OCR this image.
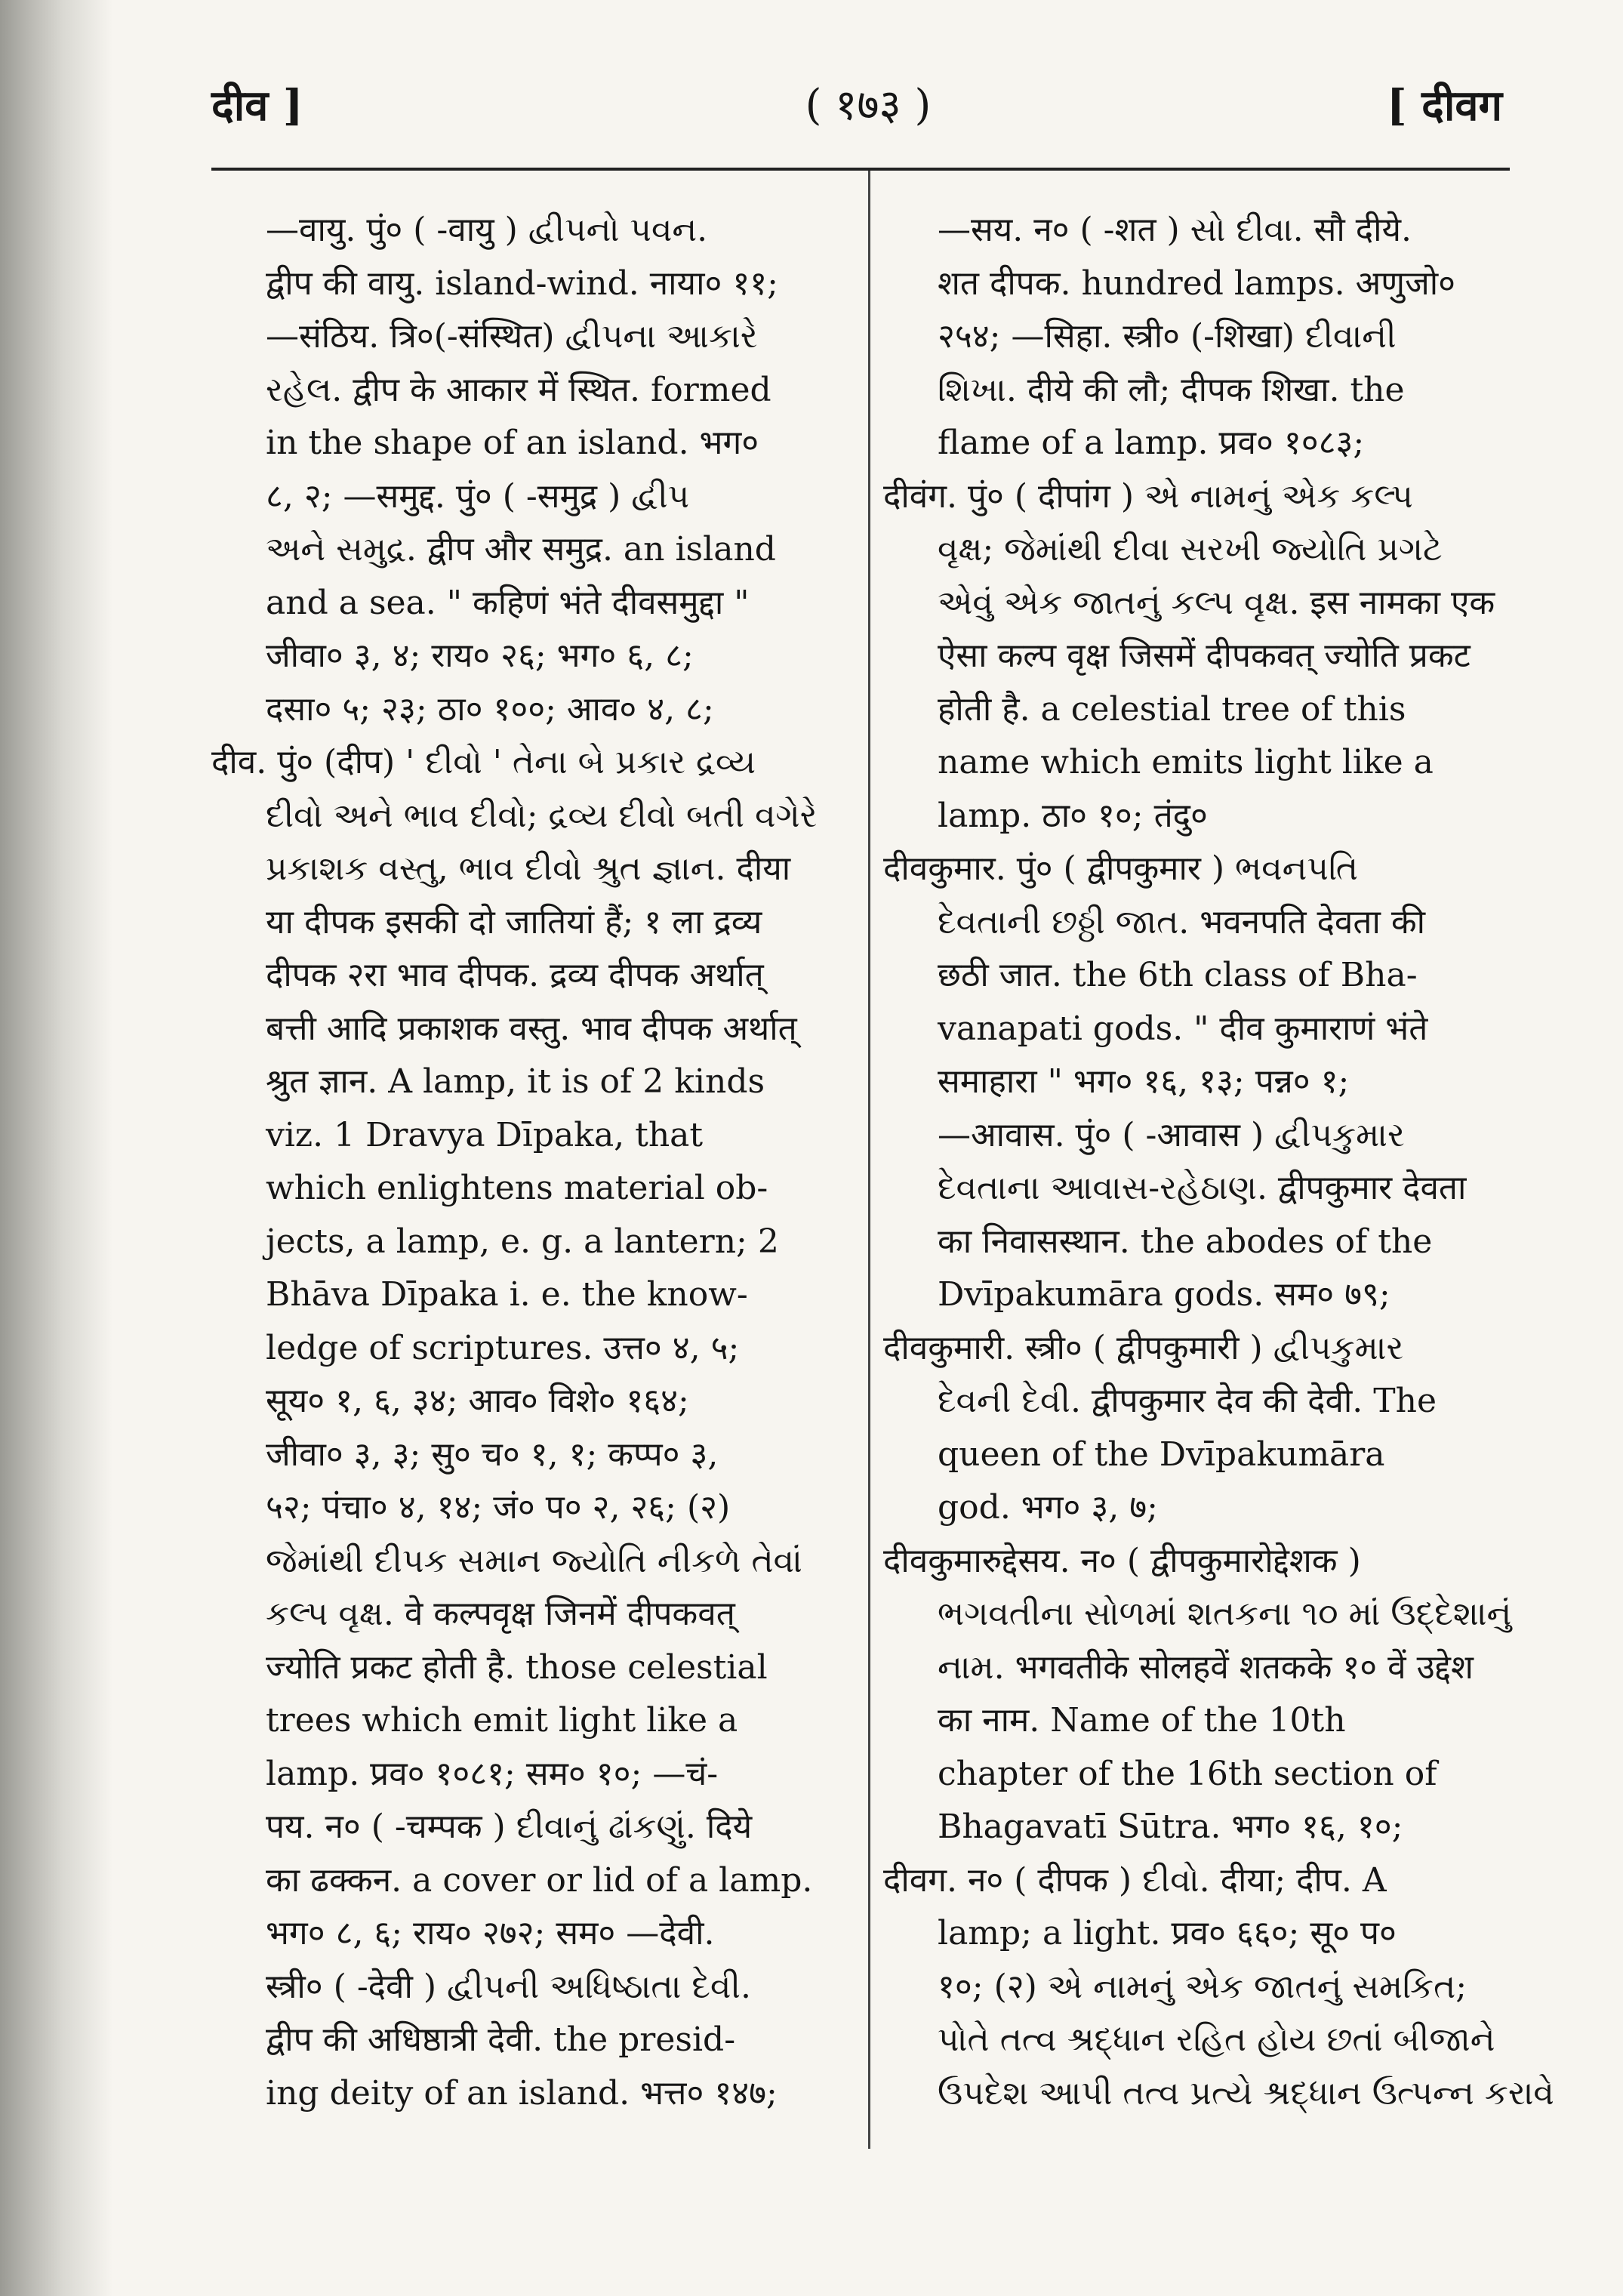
दीव ]	( १७३ )	[ दीवग
—वायु. पुं० ( -वायु ) દ્વીપનો પવન.
द्वीप की वायु. island-wind. नाया० ११;
—संठिय. त्रि०(-संस्थित) દ્વીપના આકારે
રહેલ. द्वीप के आकार में स्थित. formed
in the shape of an island. भग०
८, २; —समुद्द. पुं० ( -समुद्र ) દ્વીપ
અને સમુદ્ર. द्वीप और समुद्र. an island
and a sea. " कहिणं भंते दीवसमुद्दा "
जीवा० ३, ४; राय० २६; भग० ६, ८;
दसा० ५; २३; ठा० १००; आव० ४, ८;
दीव. पुं० (दीप) ' દીવો ' તેના બે પ્રકાર દ્રવ્ય
દીવો અને ભાવ દીવો; દ્રવ્ય દીવો બતી વગેરે
પ્રકાશક વસ્તુ, ભાવ દીવો શ્રુત જ્ઞાન. दीया
या दीपक इसकी दो जातियां हैं; १ ला द्रव्य
दीपक २रा भाव दीपक. द्रव्य दीपक अर्थात्
बत्ती आदि प्रकाशक वस्तु. भाव दीपक अर्थात्
श्रुत ज्ञान. A lamp, it is of 2 kinds
viz. 1 Dravya Dīpaka, that
which enlightens material ob-
jects, a lamp, e. g. a lantern; 2
Bhāva Dīpaka i. e. the know-
ledge of scriptures. उत्त० ४, ५;
सूय० १, ६, ३४; आव० विशे० १६४;
जीवा० ३, ३; सु० च० १, १; कप्प० ३,
५२; पंचा० ४, १४; जं० प० २, २६; (२)
જેમાંથી દીપક સમાન જ્યોતિ નીકળે તેવાં
કલ્પ વૃક્ષ. वे कल्पवृक्ष जिनमें दीपकवत्
ज्योति प्रकट होती है. those celestial
trees which emit light like a
lamp. प्रव० १०८१; सम० १०; —चं-
पय. न० ( -चम्पक ) દીવાનું ઢાંકણું. दिये
का ढक्कन. a cover or lid of a lamp.
भग० ८, ६; राय० २७२; सम० —देवी.
स्त्री० ( -देवी ) દ્વીપની અધિષ્ઠાતા દેવી.
द्वीप की अधिष्ठात्री देवी. the presid-
ing deity of an island. भत्त० १४७;
—सय. न० ( -शत ) સો દીવા. सौ दीये.
शत दीपक. hundred lamps. अणुजो०
२५४; —सिहा. स्त्री० (-शिखा) દીવાની
શિખા. दीये की लौ; दीपक शिखा. the
flame of a lamp. प्रव० १०८३;
दीवंग. पुं० ( दीपांग ) એ નામનું એક કલ્પ
વૃક્ષ; જેમાંથી દીવા સરખી જ્યોતિ પ્રગટે
એવું એક જાતનું કલ્પ વૃક્ષ. इस नामका एक
ऐसा कल्प वृक्ष जिसमें दीपकवत् ज्योति प्रकट
होती है. a celestial tree of this
name which emits light like a
lamp. ठा० १०; तंदु०
दीवकुमार. पुं० ( द्वीपकुमार ) ભવનપતિ
દેવતાની છઠ્ઠી જાત. भवनपति देवता की
छठी जात. the 6th class of Bha-
vanapati gods. " दीव कुमाराणं भंते
समाहारा " भग० १६, १३; पन्न० १;
—आवास. पुं० ( -आवास ) દ્વીપકુમાર
દેવતાના આવાસ-રહેઠાણ. द्वीपकुमार देवता
का निवासस्थान. the abodes of the
Dvīpakumāra gods. सम० ७९;
दीवकुमारी. स्त्री० ( द्वीपकुमारी ) દ્વીપકુમાર
દેવની દેવી. द्वीपकुमार देव की देवी. The
queen of the Dvīpakumāra
god. भग० ३, ७;
दीवकुमारुद्देसय. न० ( द्वीपकुमारोद्देशक )
ભગવતીના સોળમાં શતકના ૧૦ માં ઉદ્દેશાનું
નામ. भगवतीके सोलहवें शतकके १० वें उद्देश
का नाम. Name of the 10th
chapter of the 16th section of
Bhagavatī Sūtra. भग० १६, १०;
दीवग. न० ( दीपक ) દીવો. दीया; दीप. A
lamp; a light. प्रव० ६६०; सू० प०
१०; (२) એ નામનું એક જાતનું સમકિત;
પોતે તત્વ શ્રદ્ધાન રહિત હોય છતાં બીજાને
ઉપદેશ આપી તત્વ પ્રત્યે શ્રદ્ધાન ઉત્પન્ન કરાવે
